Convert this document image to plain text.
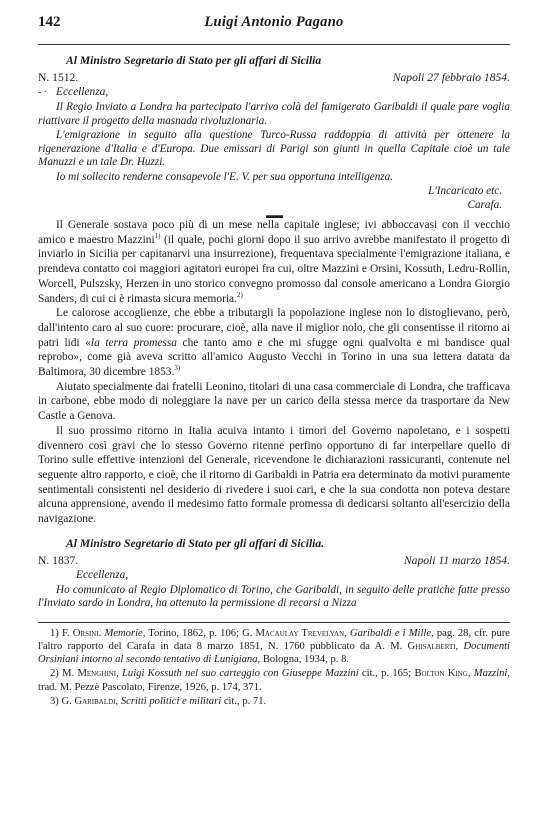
142	Luigi Antonio Pagano
Al Ministro Segretario di Stato per gli affari di Sicilia
N. 1512.	Napoli 27 febbraio 1854.
- · Eccellenza,

Il Regio Inviato a Londra ha partecipato l'arrivo colà del famigerato Garibaldi il quale pare voglia riattivare il progetto della masnada rivoluzionaria.

L'emigrazione in seguito alla questione Turco-Russa raddoppia di attività per ottenere la rigenerazione d'Italia e d'Europa. Due emissari di Parigi son giunti in quella Capitale cioè un tale Manuzzi e un tale Dr. Huzzi.

Io mi sollecito renderne consapevole l'E. V. per sua opportuna intelligenza.

L'Incaricato etc.
Carafa.
▬▬

Il Generale sostava poco più di un mese nella capitale inglese; ivi abboccavasi con il vecchio amico e maestro Mazzini$^{1)}$ (il quale, pochi giorni dopo il suo arrivo avrebbe manifestato il progetto di inviarlo in Sicilia per capitanarvi una insurrezione), frequentava specialmente l'emigrazione italiana, e prendeva contatto coi maggiori agitatori europei fra cui, oltre Mazzini e Orsini, Kossuth, Ledru-Rollin, Worcell, Pulszsky, Herzen in uno storico convegno promosso dal console americano a Londra Giorgio Sanders, di cui ci è rimasta sicura memoria.$^{2)}$

Le calorose accoglienze, che ebbe a tributargli la popolazione inglese non lo distoglievano, però, dall'intento caro al suo cuore: procurare, cioè, alla nave il miglior nolo, che gli consentisse il ritorno ai patri lidi «la terra promessa che tanto amo e che mi sfugge ogni qualvolta e mi bandisce qual reprobo», come già aveva scritto all'amico Augusto Vecchi in Torino in una sua lettera datata da Baltimora, 30 dicembre 1853.$^{3)}$

Aiutato specialmente dai fratelli Leonino, titolari di una casa commerciale di Londra, che trafficava in carbone, ebbe modo di noleggiare la nave per un carico della stessa merce da trasportare da New Castle a Genova.

Il suo prossimo ritorno in Italia acuiva intanto i timori del Governo napoletano, e i sospetti divennero così gravi che lo stesso Governo ritenne perfino opportuno di far interpellare quello di Torino sulle effettive intenzioni del Generale, ricevendone le dichiarazioni rassicuranti, contenute nel seguente altro rapporto, e cioè, che il ritorno di Garibaldi in Patria era determinato da motivi puramente sentimentali consistenti nel desiderio di rivedere i suoi cari, e che la sua condotta non poteva destare alcuna apprensione, avendo il medesimo fatto formale promessa di dedicarsi soltanto all'esercizio della navigazione.

Al Ministro Segretario di Stato per gli affari di Sicilia.
N. 1837.	Napoli 11 marzo 1854.
Eccellenza,

Ho comunicato al Regio Diplomatico di Torino, che Garibaldi, in seguito delle pratiche fatte presso l'Inviato sardo in Londra, ha ottenuto la permissione di recarsi a Nizza

1) F. Orsini. Memorie, Torino, 1862, p. 106; G. Macaulay Trevelyan, Garibaldi e i Mille, pag. 28, cfr. pure l'altro rapporto del Carafa in data 8 marzo 1851, N. 1760 pubblicato da A. M. Ghisalberti, Documenti Orsiniani intorno al secondo tentativo di Lunigiana, Bologna, 1934, p. 8.

2) M. Menghini, Luigi Kossuth nel suo carteggio con Giuseppe Mazzini cit., p. 165; Bolton King, Mazzini, trad. M. Pezzè Pascolato, Firenze, 1926, p. 174, 371.

3) G. Garibaldi, Scritti politici e militari cit., p. 71.
